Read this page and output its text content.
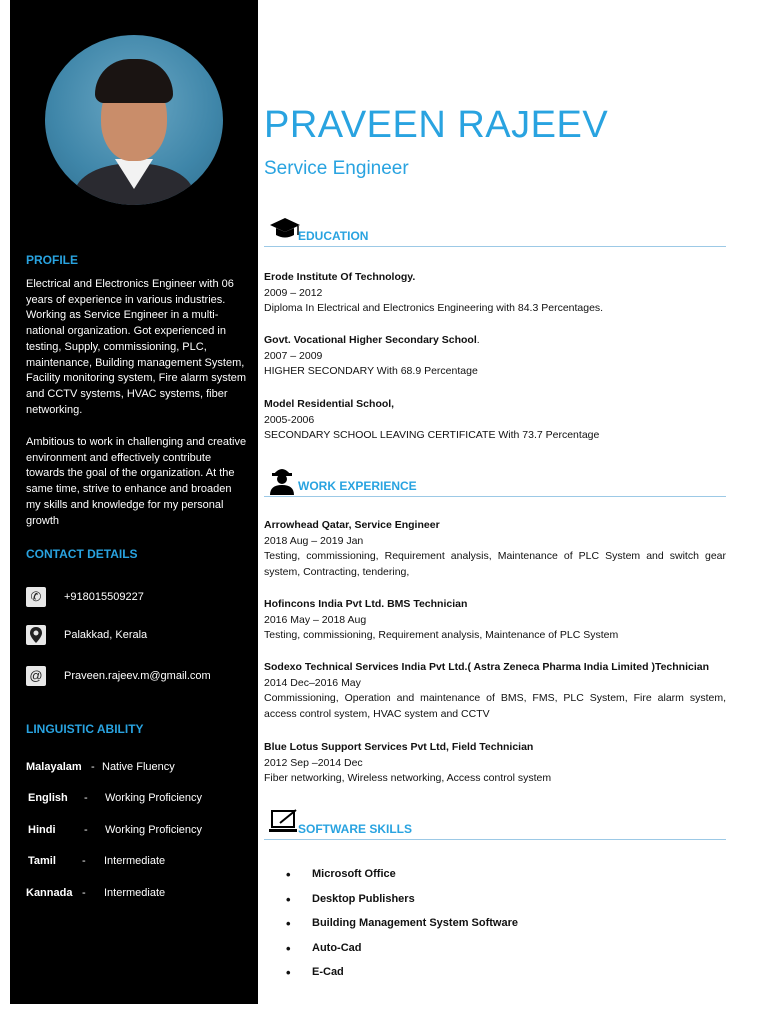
PROFILE
Electrical and Electronics Engineer with 06 years of experience in various industries. Working as Service Engineer in a multi-national organization. Got experienced in testing, Supply, commissioning, PLC, maintenance, Building management System, Facility monitoring system, Fire alarm system and CCTV systems, HVAC systems, fiber networking.
Ambitious to work in challenging and creative environment and effectively contribute towards the goal of the organization. At the same time, strive to enhance and broaden my skills and knowledge for my personal growth
CONTACT DETAILS
✆	+918015509227
Palakkad, Kerala
@	Praveen.rajeev.m@gmail.com
LINGUISTIC ABILITY
Malayalam - Native Fluency
English - Working Proficiency
Hindi	- Working Proficiency
Tamil - Intermediate
Kannada - Intermediate
PRAVEEN RAJEEV
Service Engineer
EDUCATION
Erode Institute Of Technology.
2009 – 2012
Diploma In Electrical and Electronics Engineering with 84.3 Percentages.
Govt. Vocational Higher Secondary School.
2007 – 2009
HIGHER SECONDARY With 68.9 Percentage
Model Residential School,
2005-2006
SECONDARY SCHOOL LEAVING CERTIFICATE With 73.7 Percentage
WORK EXPERIENCE
Arrowhead Qatar, Service Engineer
2018 Aug – 2019 Jan
Testing, commissioning, Requirement analysis, Maintenance of PLC System and switch gear system, Contracting, tendering,
Hofincons India Pvt Ltd. BMS Technician
2016 May – 2018 Aug
Testing, commissioning, Requirement analysis, Maintenance of PLC System
Sodexo Technical Services India Pvt Ltd.( Astra Zeneca Pharma India Limited )Technician
2014 Dec–2016 May
Commissioning, Operation and maintenance of BMS, FMS, PLC System, Fire alarm system, access control system, HVAC system and CCTV
Blue Lotus Support Services Pvt Ltd, Field Technician
2012 Sep –2014 Dec
Fiber networking, Wireless networking, Access control system
SOFTWARE SKILLS
• Microsoft Office
• Desktop Publishers
• Building Management System Software
• Auto-Cad
• E-Cad
